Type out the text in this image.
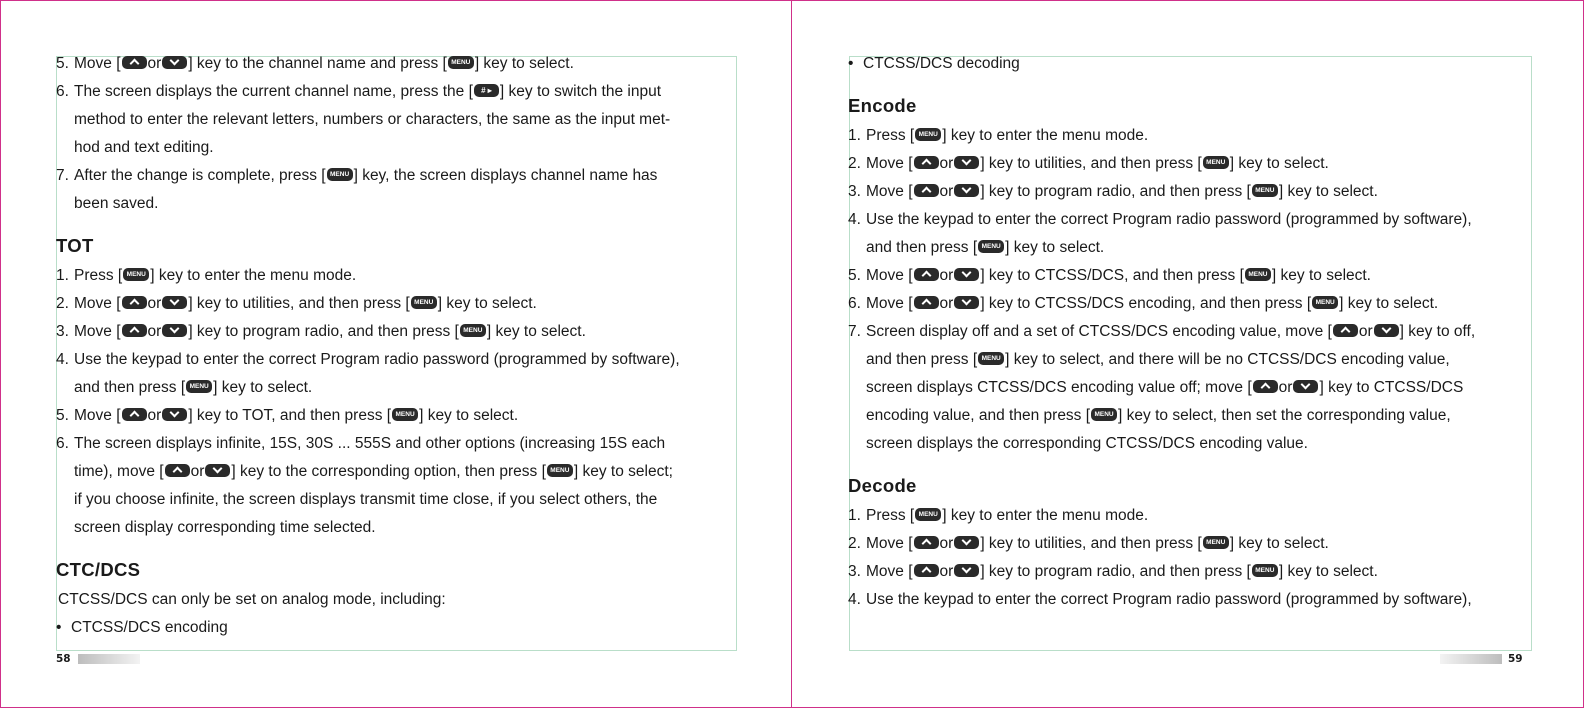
5. Move [ or ] key to the channel name and press [ MENU ] key to select.
6. The screen displays the current channel name, press the [	# ▸ ] key to switch the input
method to enter the relevant letters, numbers or characters, the same as the input met-
hod and text editing.
7. After the change is complete, press [ MENU ] key, the screen displays channel name has
been saved.
TOT
1. Press [ MENU ] key to enter the menu mode.
2. Move [ or ] key to utilities, and then press [ MENU ] key to select.
3. Move [ or ] key to program radio, and then press [ MENU ] key to select.
4. Use the keypad to enter the correct Program radio password (programmed by software),
and then press [ MENU ] key to select.
5. Move [ or ] key to TOT, and then press [ MENU ] key to select.
6. The screen displays infinite, 15S, 30S ... 555S and other options (increasing 15S each
time), move [ or ] key to the corresponding option, then press [ MENU ] key to select;
if you choose infinite, the screen displays transmit time close, if you select others, the
screen display corresponding time selected.
CTC/DCS
CTCSS/DCS can only be set on analog mode, including:
• CTCSS/DCS encoding
• CTCSS/DCS decoding
Encode
1. Press [ MENU ] key to enter the menu mode.
2. Move [ or ] key to utilities, and then press [ MENU ] key to select.
3. Move [ or ] key to program radio, and then press [ MENU ] key to select.
4. Use the keypad to enter the correct Program radio password (programmed by software),
and then press [ MENU ] key to select.
5. Move [ or ] key to CTCSS/DCS, and then press [ MENU ] key to select.
6. Move [ or ] key to CTCSS/DCS encoding, and then press [ MENU ] key to select.
7. Screen display off and a set of CTCSS/DCS encoding value, move [ or ] key to off,
and then press [ MENU ] key to select, and there will be no CTCSS/DCS encoding value,
screen displays CTCSS/DCS encoding value off; move [ or ] key to CTCSS/DCS
encoding value, and then press [ MENU ] key to select, then set the corresponding value,
screen displays the corresponding CTCSS/DCS encoding value.
Decode
1. Press [ MENU ] key to enter the menu mode.
2. Move [ or ] key to utilities, and then press [ MENU ] key to select.
3. Move [ or ] key to program radio, and then press [ MENU ] key to select.
4. Use the keypad to enter the correct Program radio password (programmed by software),
58	59
